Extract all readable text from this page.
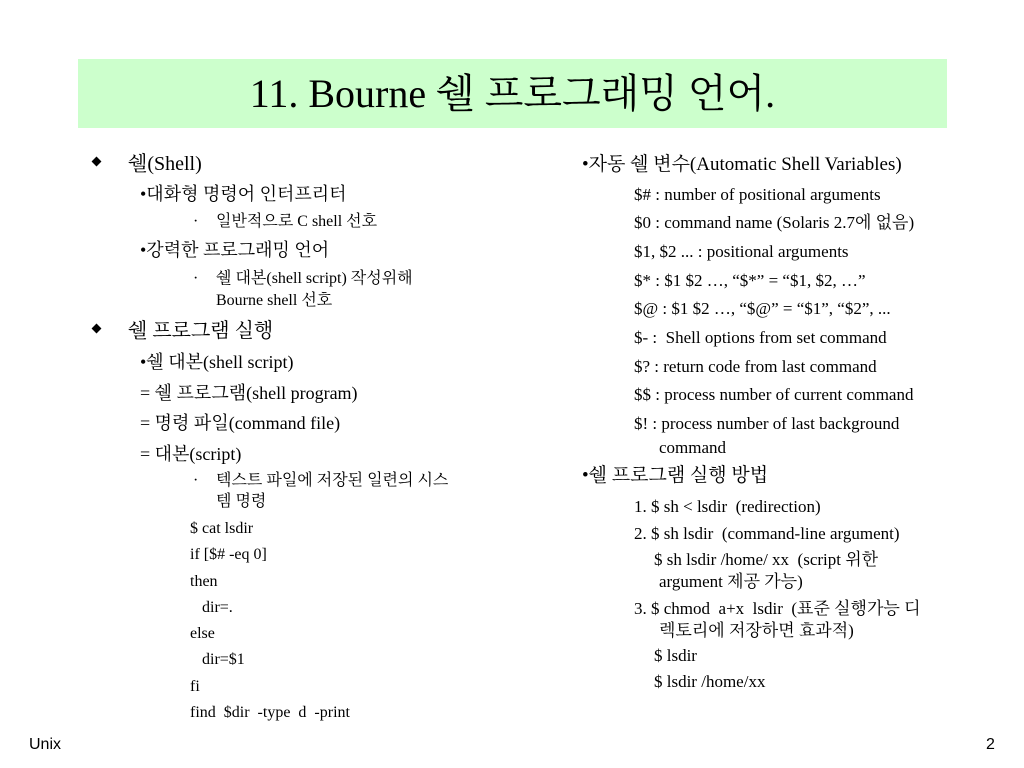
11. Bourne 쉘 프로그래밍 언어.
쉘(Shell)
•대화형 명령어 인터프리터
· 일반적으로 C shell 선호
•강력한 프로그래밍 언어
· 쉘 대본(shell script) 작성위해
Bourne shell 선호
쉘 프로그램 실행
•쉘 대본(shell script)
= 쉘 프로그램(shell program)
= 명령 파일(command file)
= 대본(script)
· 텍스트 파일에 저장된 일련의 시스
템 명령
$ cat lsdir
if [$# -eq 0]
then
dir=.
else
dir=$1
fi
find  $dir  -type  d  -print
•자동 쉘 변수(Automatic Shell Variables)
$# : number of positional arguments
$0 : command name (Solaris 2.7에 없음)
$1, $2 ... : positional arguments
$* : $1 $2 …, “$*” = “$1, $2, …”
$@ : $1 $2 …, “$@” = “$1”, “$2”, ...
$- :  Shell options from set command
$? : return code from last command
$$ : process number of current command
$! : process number of last background
command
•쉘 프로그램 실행 방법
1. $ sh < lsdir  (redirection)
2. $ sh lsdir  (command-line argument)
$ sh lsdir /home/ xx  (script 위한
argument 제공 가능)
3. $ chmod  a+x  lsdir  (표준 실행가능 디
렉토리에 저장하면 효과적)
$ lsdir
$ lsdir /home/xx
Unix	2
